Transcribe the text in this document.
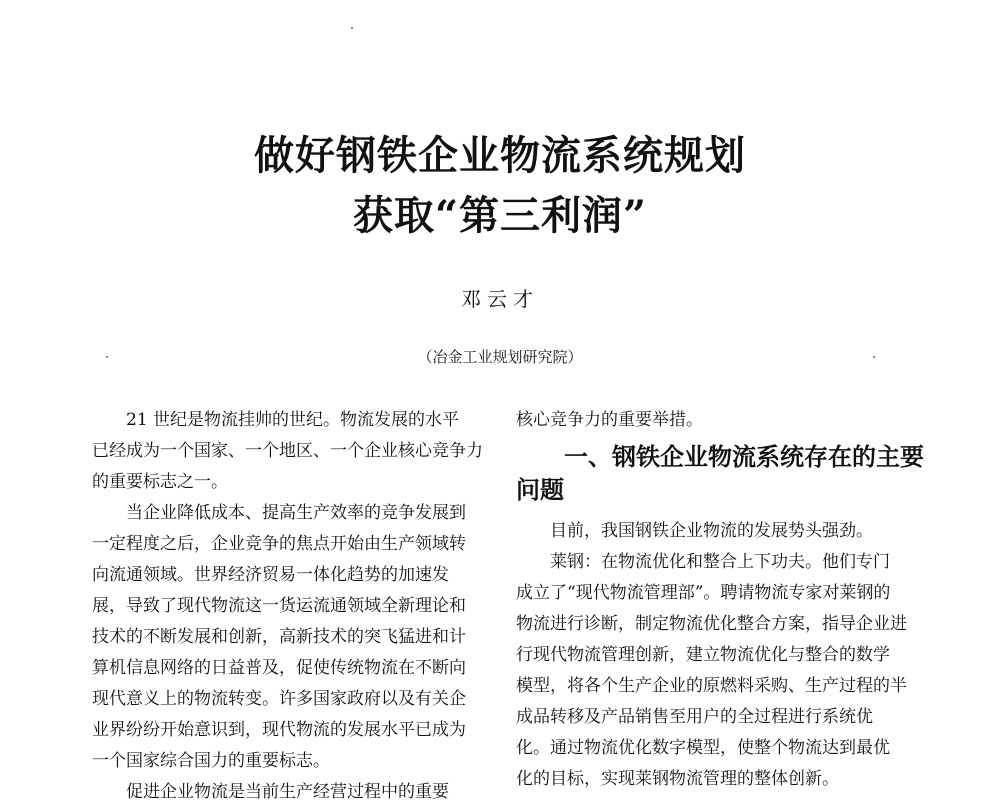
做好钢铁企业物流系统规划
获取“第三利润”
邓云才
（冶金工业规划研究院）
21 世纪是物流挂帅的世纪。物流发展的水平
已经成为一个国家、一个地区、一个企业核心竞争力
的重要标志之一。
当企业降低成本、提高生产效率的竞争发展到
一定程度之后，企业竞争的焦点开始由生产领域转
向流通领域。世界经济贸易一体化趋势的加速发
展，导致了现代物流这一货运流通领域全新理论和
技术的不断发展和创新，高新技术的突飞猛进和计
算机信息网络的日益普及，促使传统物流在不断向
现代意义上的物流转变。许多国家政府以及有关企
业界纷纷开始意识到，现代物流的发展水平已成为
一个国家综合国力的重要标志。
促进企业物流是当前生产经营过程中的重要
核心竞争力的重要举措。
一、钢铁企业物流系统存在的主要
问题
目前，我国钢铁企业物流的发展势头强劲。
莱钢：在物流优化和整合上下功夫。他们专门
成立了“现代物流管理部”。聘请物流专家对莱钢的
物流进行诊断，制定物流优化整合方案，指导企业进
行现代物流管理创新，建立物流优化与整合的数学
模型，将各个生产企业的原燃料采购、生产过程的半
成品转移及产品销售至用户的全过程进行系统优
化。通过物流优化数字模型，使整个物流达到最优
化的目标，实现莱钢物流管理的整体创新。
